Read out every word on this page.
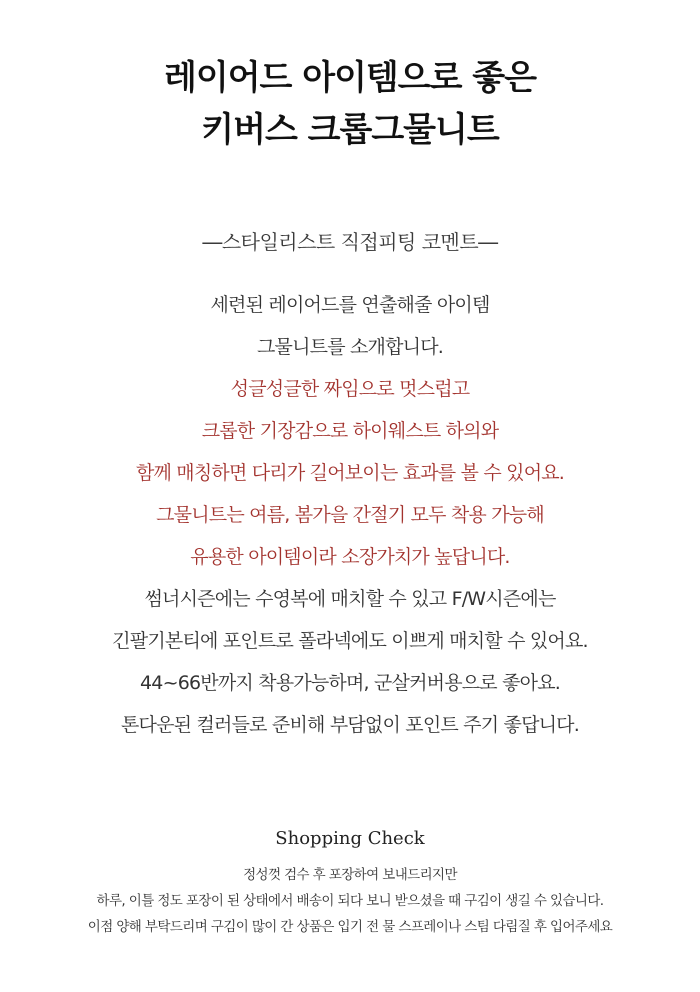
레이어드 아이템으로 좋은
키버스 크롭그물니트
―스타일리스트 직접피팅 코멘트―
세련된 레이어드를 연출해줄 아이템
그물니트를 소개합니다.
성글성글한 짜임으로 멋스럽고
크롭한 기장감으로 하이웨스트 하의와
함께 매칭하면 다리가 길어보이는 효과를 볼 수 있어요.
그물니트는 여름, 봄가을 간절기 모두 착용 가능해
유용한 아이템이라 소장가치가 높답니다.
썸너시즌에는 수영복에 매치할 수 있고 F/W시즌에는
긴팔기본티에 포인트로 폴라넥에도 이쁘게 매치할 수 있어요.
44~66반까지 착용가능하며, 군살커버용으로 좋아요.
톤다운된 컬러들로 준비해 부담없이 포인트 주기 좋답니다.
Shopping Check
정성껏 검수 후 포장하여 보내드리지만
하루, 이틀 정도 포장이 된 상태에서 배송이 되다 보니 받으셨을 때 구김이 생길 수 있습니다.
이점 양해 부탁드리며 구김이 많이 간 상품은 입기 전 물 스프레이나 스팀 다림질 후 입어주세요
